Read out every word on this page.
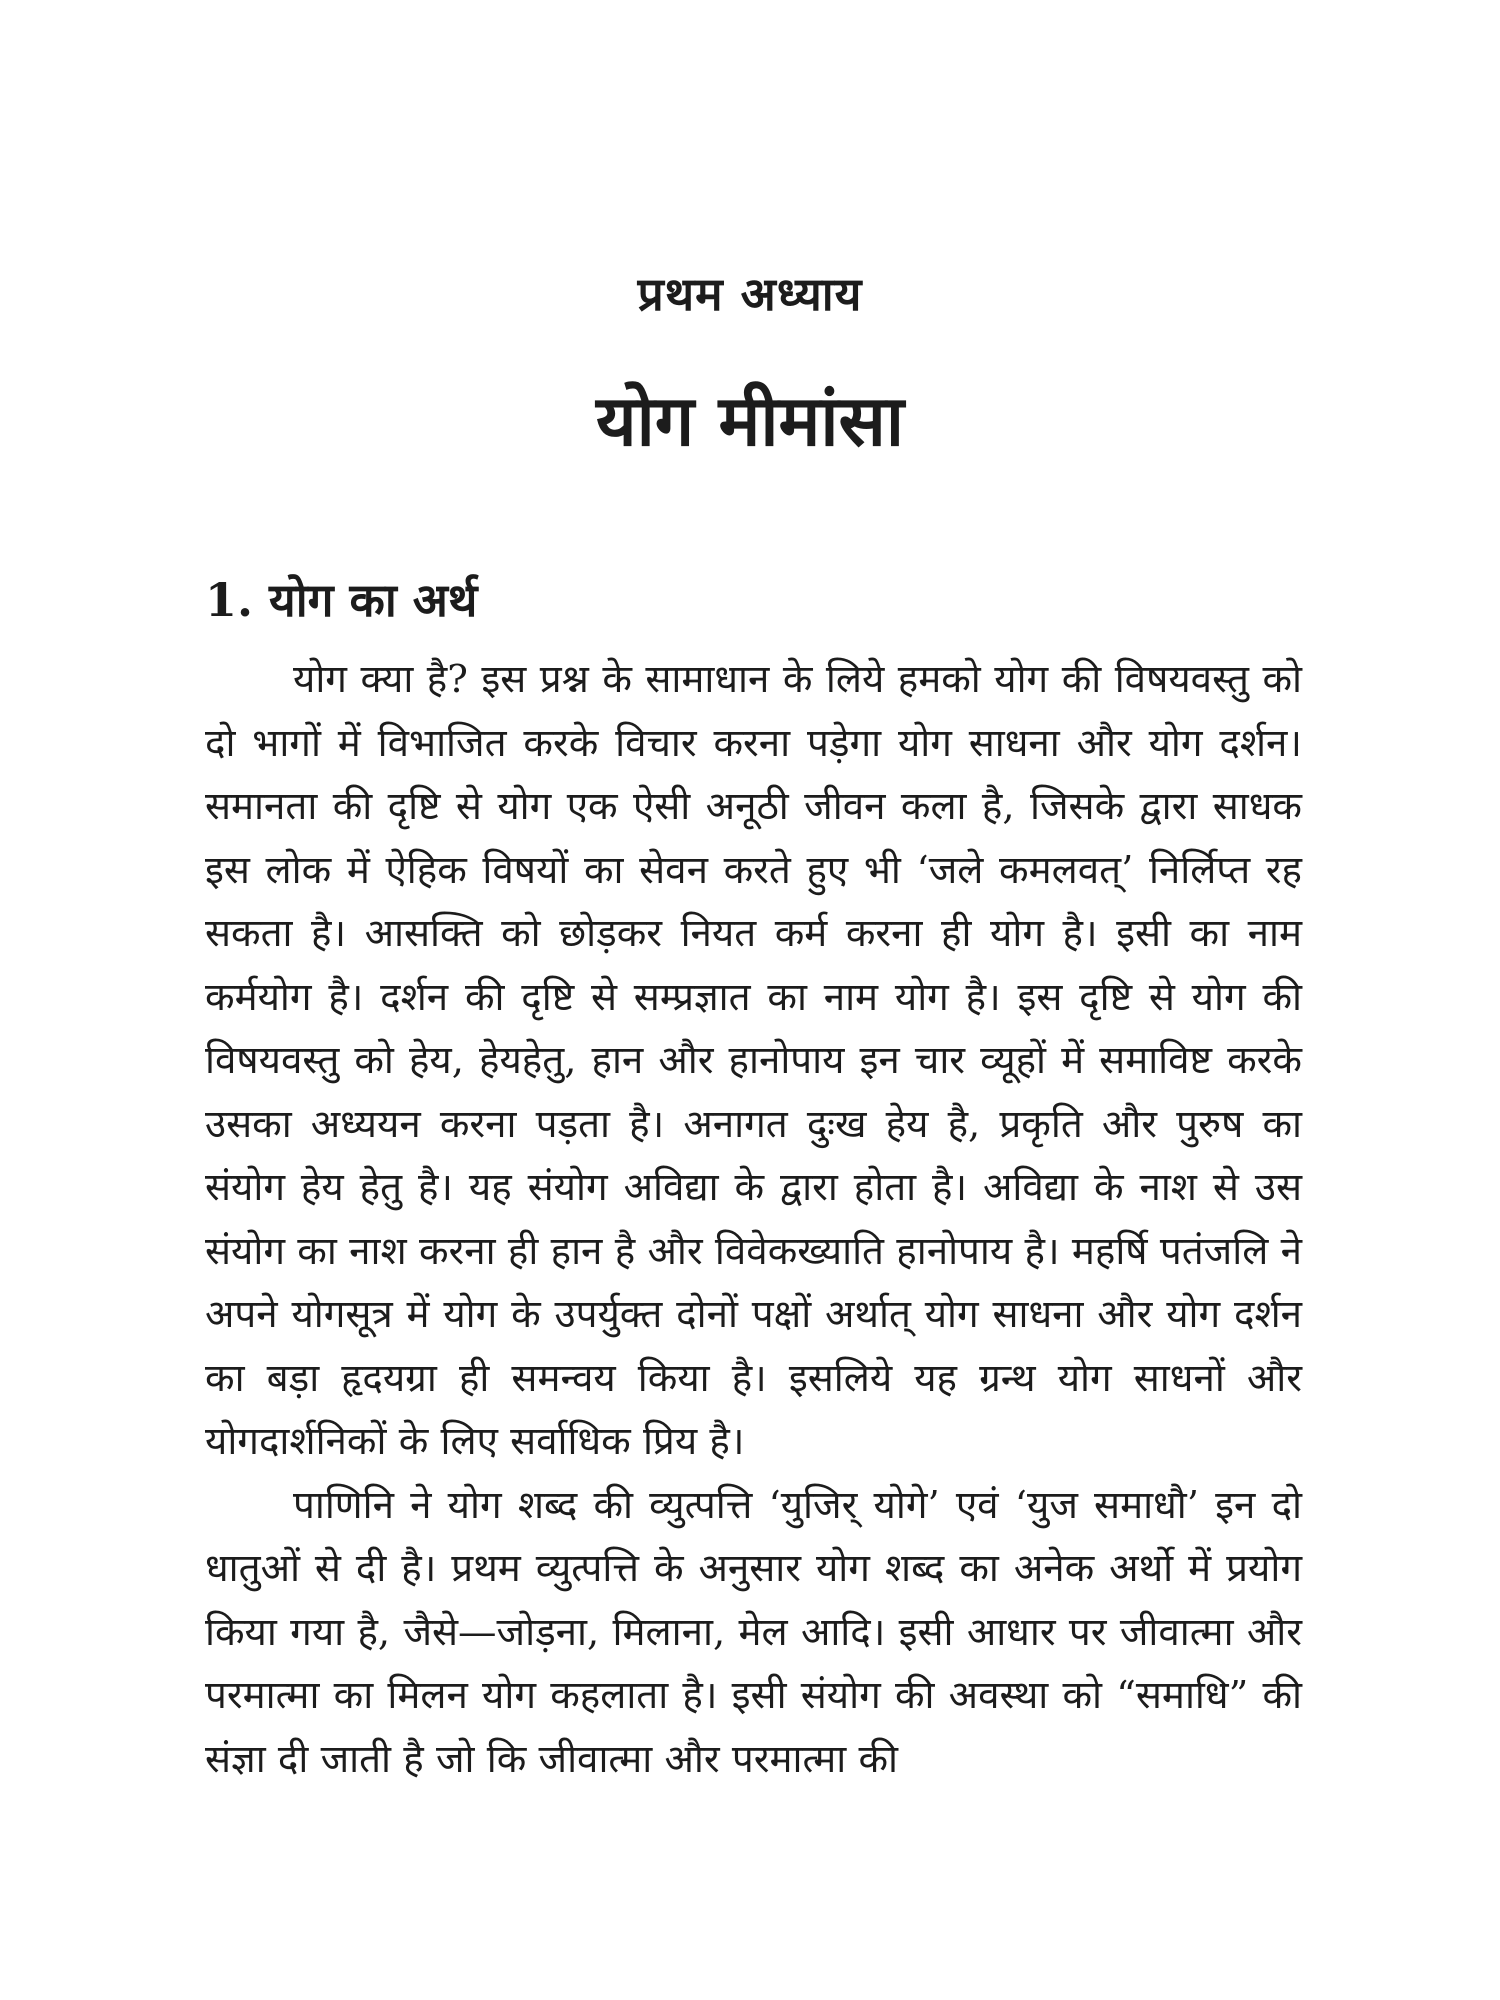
प्रथम अध्याय
योग मीमांसा
1. योग का अर्थ

योग क्या है? इस प्रश्न के सामाधान के लिये हमको योग की विषयवस्तु को दो भागों में विभाजित करके विचार करना पड़ेगा योग साधना और योग दर्शन। समानता की दृष्टि से योग एक ऐसी अनूठी जीवन कला है, जिसके द्वारा साधक इस लोक में ऐहिक विषयों का सेवन करते हुए भी ‘जले कमलवत्’ निर्लिप्त रह सकता है। आसक्ति को छोड़कर नियत कर्म करना ही योग है। इसी का नाम कर्मयोग है। दर्शन की दृष्टि से सम्प्रज्ञात का नाम योग है। इस दृष्टि से योग की विषयवस्तु को हेय, हेयहेतु, हान और हानोपाय इन चार व्यूहों में समाविष्ट करके उसका अध्ययन करना पड़ता है। अनागत दुःख हेय है, प्रकृति और पुरुष का संयोग हेय हेतु है। यह संयोग अविद्या के द्वारा होता है। अविद्या के नाश से उस संयोग का नाश करना ही हान है और विवेकख्याति हानोपाय है। महर्षि पतंजलि ने अपने योगसूत्र में योग के उपर्युक्त दोनों पक्षों अर्थात् योग साधना और योग दर्शन का बड़ा हृदयग्रा ही समन्वय किया है। इसलिये यह ग्रन्थ योग साधनों और योगदार्शनिकों के लिए सर्वाधिक प्रिय है।

पाणिनि ने योग शब्द की व्युत्पत्ति ‘युजिर् योगे’ एवं ‘युज समाधौ’ इन दो धातुओं से दी है। प्रथम व्युत्पत्ति के अनुसार योग शब्द का अनेक अर्थो में प्रयोग किया गया है, जैसे—जोड़ना, मिलाना, मेल आदि। इसी आधार पर जीवात्मा और परमात्मा का मिलन योग कहलाता है। इसी संयोग की अवस्था को “समाधि” की संज्ञा दी जाती है जो कि जीवात्मा और परमात्मा की
